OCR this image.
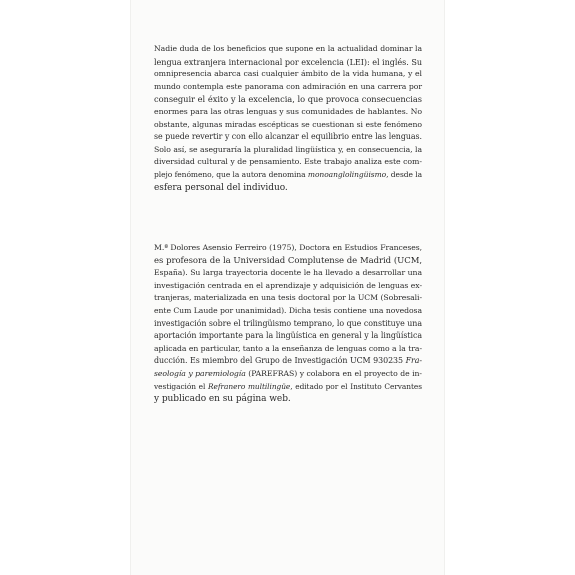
Nadie duda de los beneficios que supone en la actualidad dominar la
lengua extranjera internacional por excelencia (LEI): el inglés. Su
omnipresencia abarca casi cualquier ámbito de la vida humana, y el
mundo contempla este panorama con admiración en una carrera por
conseguir el éxito y la excelencia, lo que provoca consecuencias
enormes para las otras lenguas y sus comunidades de hablantes. No
obstante, algunas miradas escépticas se cuestionan si este fenómeno
se puede revertir y con ello alcanzar el equilibrio entre las lenguas.
Solo así, se aseguraría la pluralidad lingüística y, en consecuencia, la
diversidad cultural y de pensamiento. Este trabajo analiza este com-
plejo fenómeno, que la autora denomina monoanglolingüismo, desde la
esfera personal del individuo.

M.ª Dolores Asensio Ferreiro (1975), Doctora en Estudios Franceses,
es profesora de la Universidad Complutense de Madrid (UCM,
España). Su larga trayectoria docente le ha llevado a desarrollar una
investigación centrada en el aprendizaje y adquisición de lenguas ex-
tranjeras, materializada en una tesis doctoral por la UCM (Sobresali-
ente Cum Laude por unanimidad). Dicha tesis contiene una novedosa
investigación sobre el trilingüismo temprano, lo que constituye una
aportación importante para la lingüística en general y la lingüística
aplicada en particular, tanto a la enseñanza de lenguas como a la tra-
ducción. Es miembro del Grupo de Investigación UCM 930235 Fra-
seología y paremiología (PAREFRAS) y colabora en el proyecto de in-
vestigación el Refranero multilingüe, editado por el Instituto Cervantes
y publicado en su página web.
